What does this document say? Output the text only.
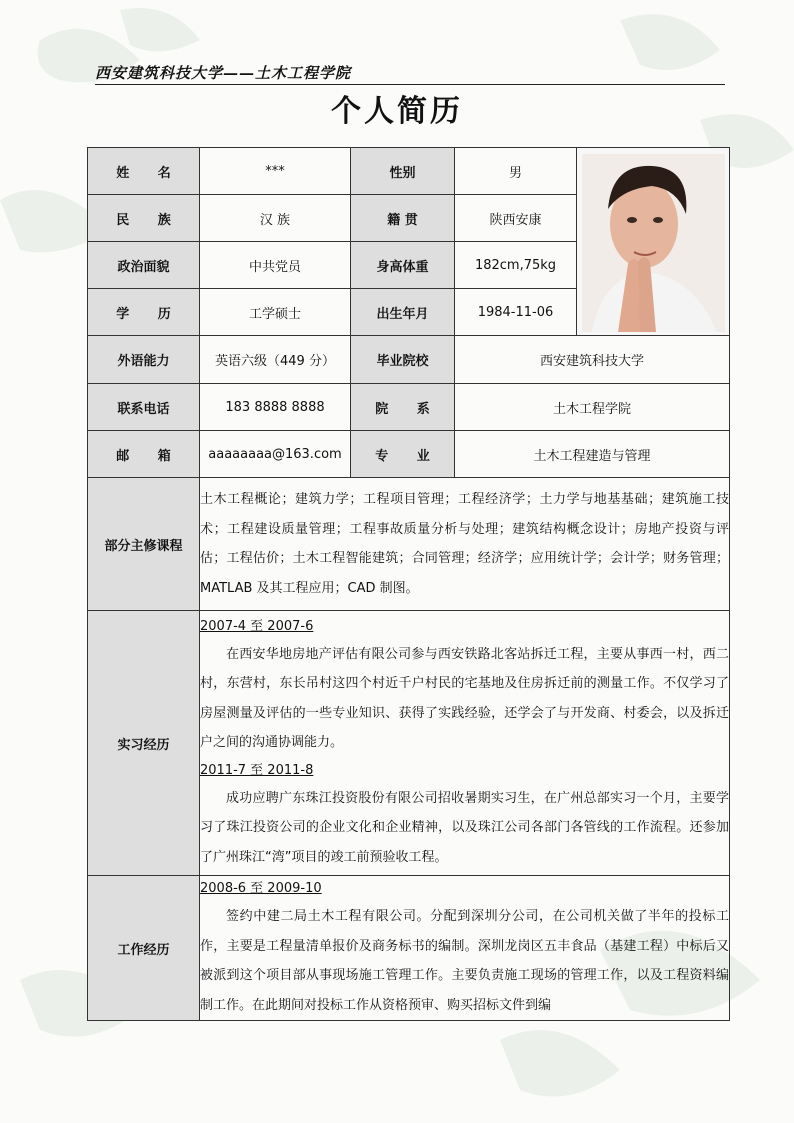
西安建筑科技大学——土木工程学院
个人简历
姓 名	***	性别	男	

民 族	汉 族	籍 贯	陕西安康	
政治面貌	中共党员	身高体重	182cm,75kg	
学 历	工学硕士	出生年月	1984-11-06	
外语能力	英语六级（449 分）	毕业院校	西安建筑科技大学	
联系电话	183 8888 8888	院 系	土木工程学院	
邮 箱	aaaaaaaa@163.com	专 业	土木工程建造与管理	
部分主修课程	土木工程概论；建筑力学；工程项目管理；工程经济学；土力学与地基基础；建筑施工技术；工程建设质量管理；工程事故质量分析与处理；建筑结构概念设计；房地产投资与评估；工程估价；土木工程智能建筑；合同管理；经济学；应用统计学；会计学；财务管理；MATLAB 及其工程应用；CAD 制图。			
实习经历	2007-4 至 2007-6

在西安华地房地产评估有限公司参与西安铁路北客站拆迁工程，主要从事西一村，西二村，东营村，东长吊村这四个村近千户村民的宅基地及住房拆迁前的测量工作。不仅学习了房屋测量及评估的一些专业知识、获得了实践经验，还学会了与开发商、村委会，以及拆迁户之间的沟通协调能力。

2011-7 至 2011-8

成功应聘广东珠江投资股份有限公司招收暑期实习生，在广州总部实习一个月，主要学习了珠江投资公司的企业文化和企业精神，以及珠江公司各部门各管线的工作流程。还参加了广州珠江“湾”项目的竣工前预验收工程。			

工作经历	2008-6 至 2009-10

签约中建二局土木工程有限公司。分配到深圳分公司，在公司机关做了半年的投标工作，主要是工程量清单报价及商务标书的编制。深圳龙岗区五丰食品（基建工程）中标后又被派到这个项目部从事现场施工管理工作。主要负责施工现场的管理工作，以及工程资料编制工作。在此期间对投标工作从资格预审、购买招标文件到编			
